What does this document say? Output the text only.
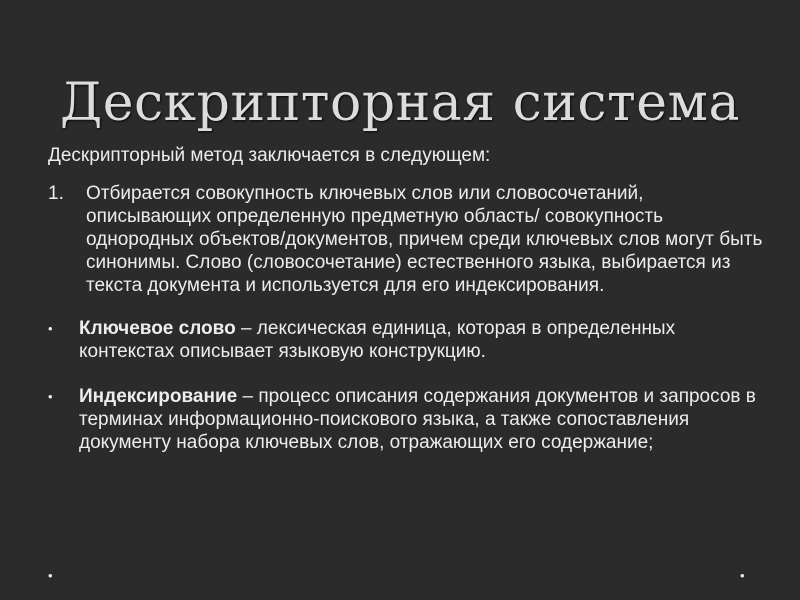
Дескрипторная система

Дескрипторный метод заключается в следующем:

1. Отбирается совокупность ключевых слов или словосочетаний, описывающих определенную предметную область/ совокупность однородных объектов/документов, причем среди ключевых слов могут быть синонимы. Слово (словосочетание) естественного языка, выбирается из текста документа и используется для его индексирования.
• Ключевое слово – лексическая единица, которая в определенных контекстах описывает языковую конструкцию.
• Индексирование – процесс описания содержания документов и запросов в терминах информационно-поискового языка, а также сопоставления документу набора ключевых слов, отражающих его содержание;
•	•
